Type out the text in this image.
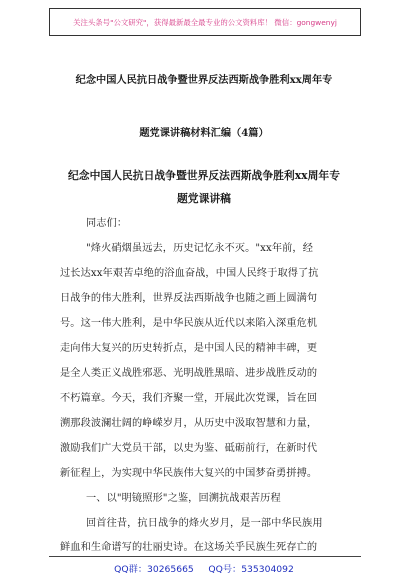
关注头条号"公文研究"，获得最新最全最专业的公文资料库！ 微信：gongwenyj
纪念中国人民抗日战争暨世界反法西斯战争胜利xx周年专
题党课讲稿材料汇编（4篇）
纪念中国人民抗日战争暨世界反法西斯战争胜利xx周年专
题党课讲稿
同志们：
"烽火硝烟虽远去，历史记忆永不灭。"xx年前，经
过长达xx年艰苦卓绝的浴血奋战，中国人民终于取得了抗
日战争的伟大胜利，世界反法西斯战争也随之画上圆满句
号。这一伟大胜利，是中华民族从近代以来陷入深重危机
走向伟大复兴的历史转折点，是中国人民的精神丰碑，更
是全人类正义战胜邪恶、光明战胜黑暗、进步战胜反动的
不朽篇章。今天，我们齐聚一堂，开展此次党课，旨在回
溯那段波澜壮阔的峥嵘岁月，从历史中汲取智慧和力量，
激励我们广大党员干部，以史为鉴、砥砺前行，在新时代
新征程上，为实现中华民族伟大复兴的中国梦奋勇拼搏。
一、以"明镜照形"之鉴，回溯抗战艰苦历程
回首往昔，抗日战争的烽火岁月，是一部中华民族用
鲜血和生命谱写的壮丽史诗。在这场关乎民族生死存亡的
QQ群：30265665     QQ号：535304092
